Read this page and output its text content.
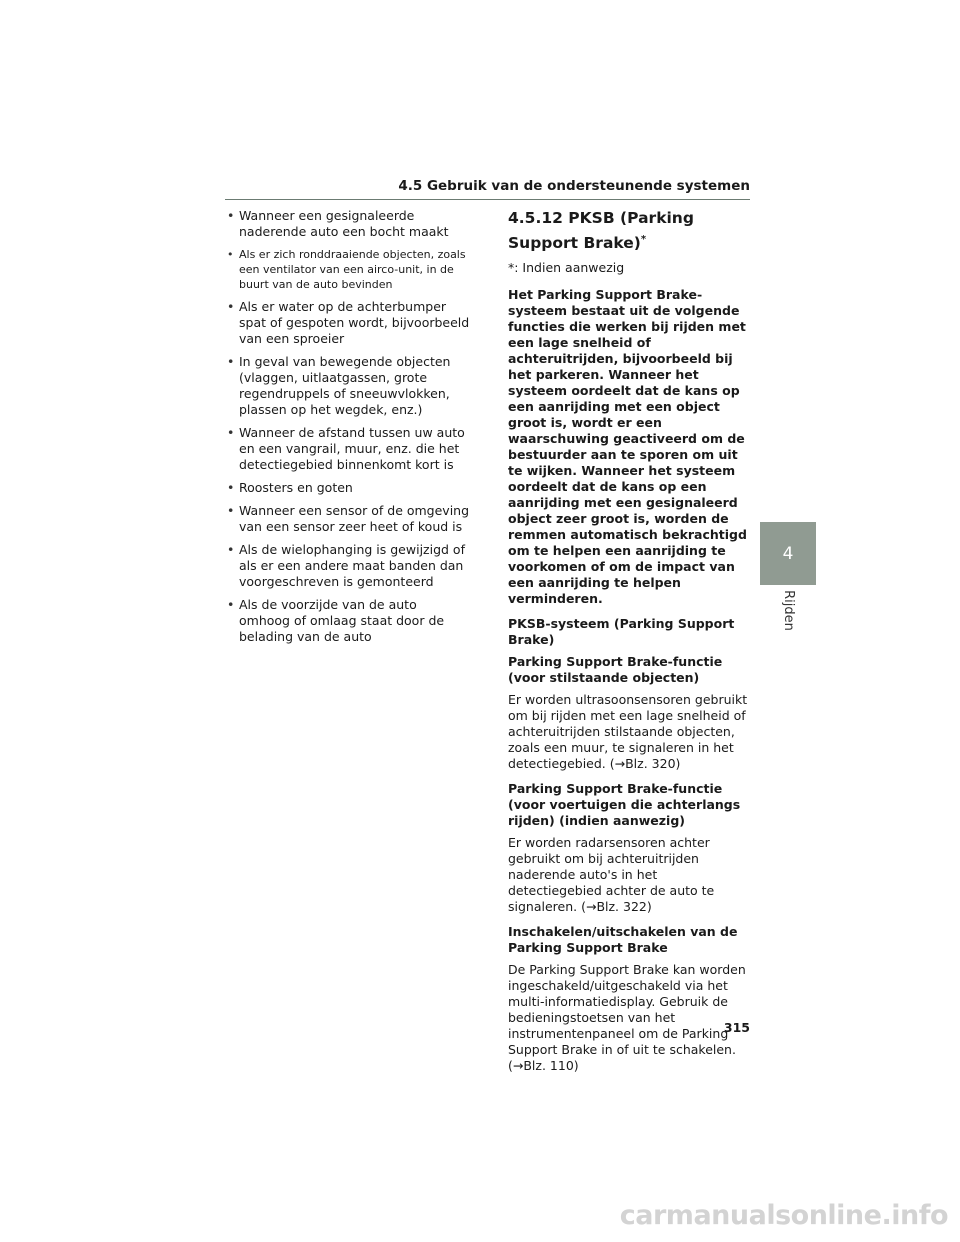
4.5 Gebruik van de ondersteunende systemen
• Wanneer een gesignaleerde naderende auto een bocht maakt
• Als er zich ronddraaiende objecten, zoals een ventilator van een airco-unit, in de buurt van de auto bevinden
• Als er water op de achterbumper spat of gespoten wordt, bijvoorbeeld van een sproeier
• In geval van bewegende objecten (vlaggen, uitlaatgassen, grote regendruppels of sneeuwvlokken, plassen op het wegdek, enz.)
• Wanneer de afstand tussen uw auto en een vangrail, muur, enz. die het detectiegebied binnenkomt kort is
• Roosters en goten
• Wanneer een sensor of de omgeving van een sensor zeer heet of koud is
• Als de wielophanging is gewijzigd of als er een andere maat banden dan voorgeschreven is gemonteerd
• Als de voorzijde van de auto omhoog of omlaag staat door de belading van de auto
4.5.12 PKSB (Parking Support Brake)*

*: Indien aanwezig

Het Parking Support Brake-systeem bestaat uit de volgende functies die werken bij rijden met een lage snelheid of achteruitrijden, bijvoorbeeld bij het parkeren. Wanneer het systeem oordeelt dat de kans op een aanrijding met een object groot is, wordt er een waarschuwing geactiveerd om de bestuurder aan te sporen om uit te wijken. Wanneer het systeem oordeelt dat de kans op een aanrijding met een gesignaleerd object zeer groot is, worden de remmen automatisch bekrachtigd om te helpen een aanrijding te voorkomen of om de impact van een aanrijding te helpen verminderen.

PKSB-systeem (Parking Support Brake)

Parking Support Brake-functie (voor stilstaande objecten)

Er worden ultrasoonsensoren gebruikt om bij rijden met een lage snelheid of achteruitrijden stilstaande objecten, zoals een muur, te signaleren in het detectiegebied. (→Blz. 320)

Parking Support Brake-functie (voor voertuigen die achterlangs rijden) (indien aanwezig)

Er worden radarsensoren achter gebruikt om bij achteruitrijden naderende auto's in het detectiegebied achter de auto te signaleren. (→Blz. 322)

Inschakelen/uitschakelen van de Parking Support Brake

De Parking Support Brake kan worden ingeschakeld/uitgeschakeld via het multi-informatiedisplay. Gebruik de bedieningstoetsen van het instrumentenpaneel om de Parking Support Brake in of uit te schakelen. (→Blz. 110)

4
Rijden
315
carmanualsonline.info
